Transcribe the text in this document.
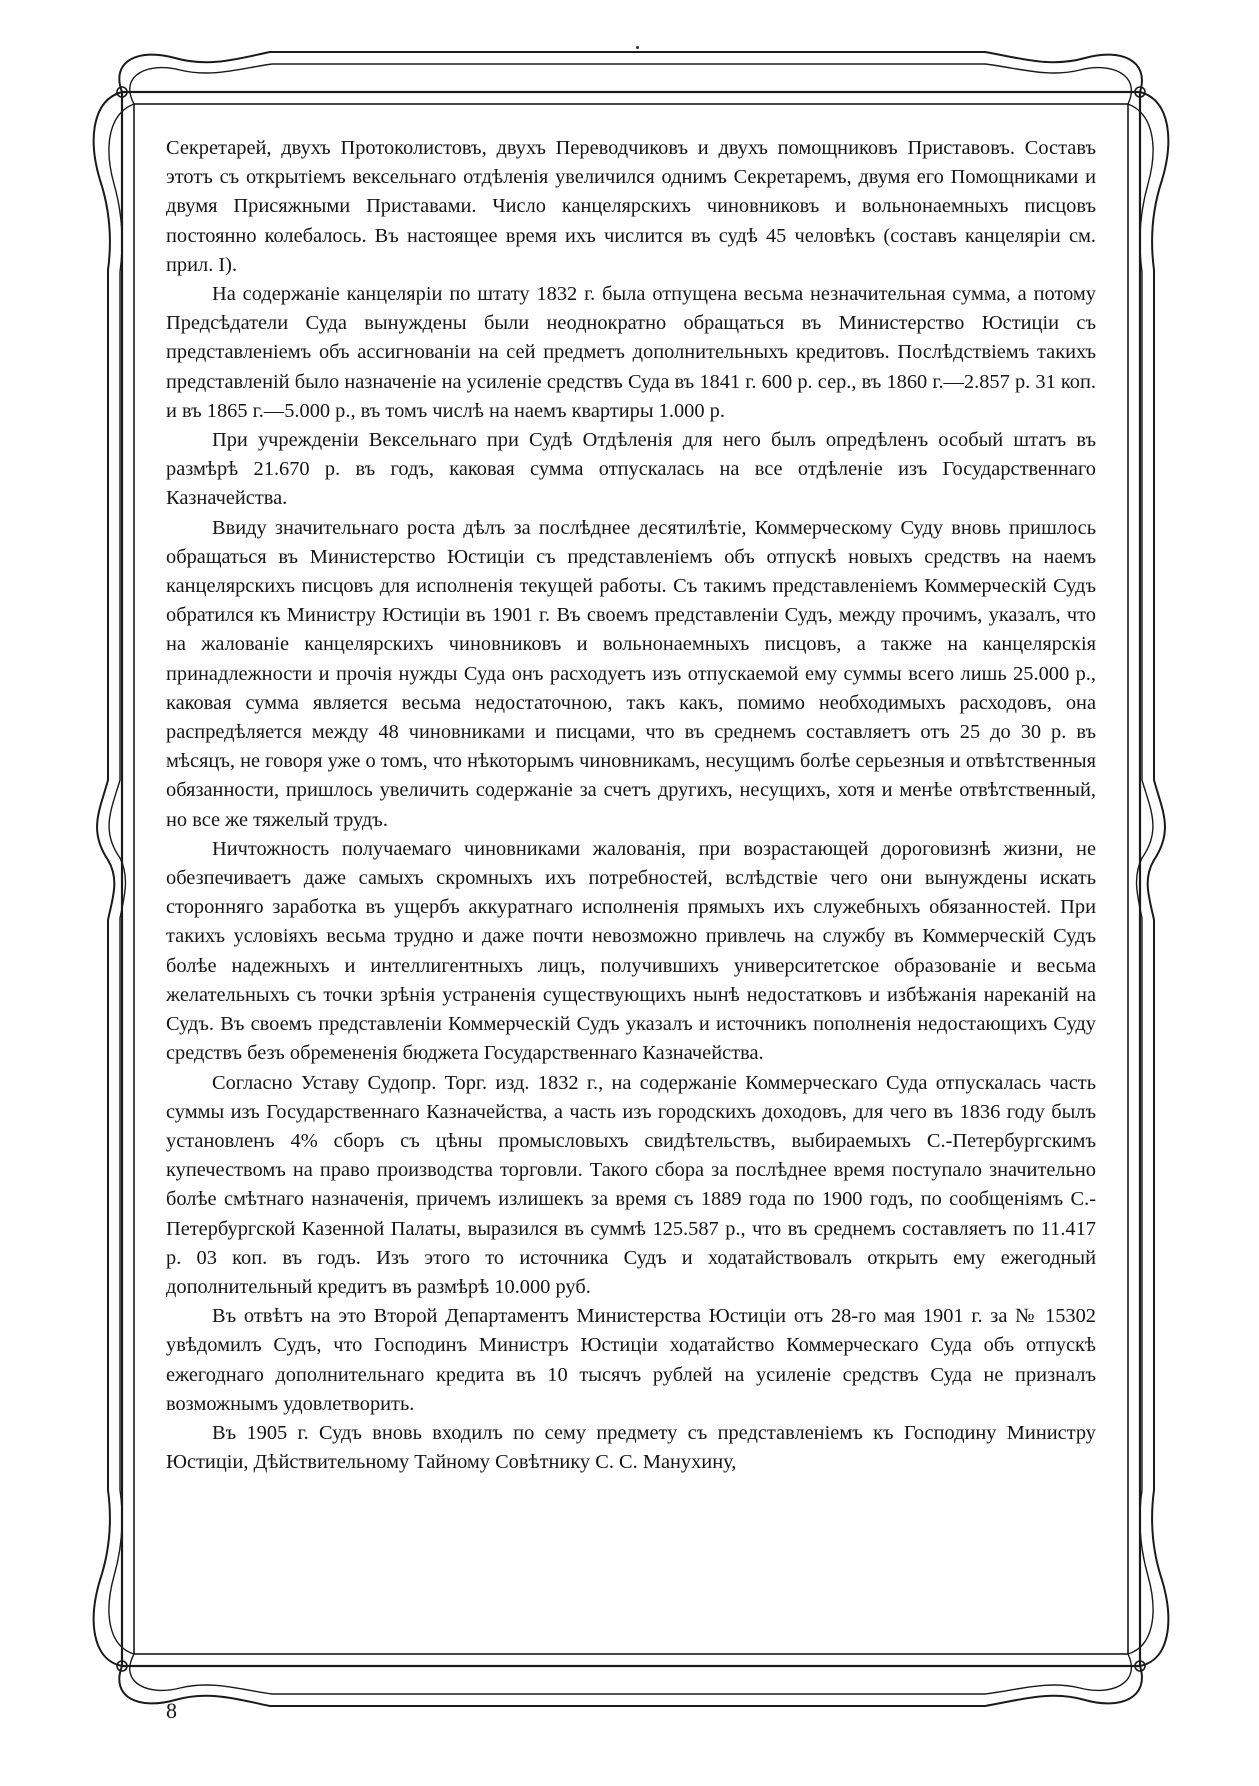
Секретарей, двухъ Протоколистовъ, двухъ Переводчиковъ и двухъ помощниковъ Приставовъ. Составъ этотъ съ открытіемъ вексельнаго отдѣленія увеличился однимъ Секретаремъ, двумя его Помощниками и двумя Присяжными Приставами. Число канцелярскихъ чиновниковъ и вольнонаемныхъ писцовъ постоянно колебалось. Въ настоящее время ихъ числится въ судѣ 45 человѣкъ (составъ канцеляріи см. прил. I).

На содержаніе канцеляріи по штату 1832 г. была отпущена весьма незначительная сумма, а потому Предсѣдатели Суда вынуждены были неоднократно обращаться въ Министерство Юстиціи съ представленіемъ объ ассигнованіи на сей предметъ дополнительныхъ кредитовъ. Послѣдствіемъ такихъ представленій было назначеніе на усиленіе средствъ Суда въ 1841 г. 600 р. сер., въ 1860 г.—2.857 р. 31 коп. и въ 1865 г.—5.000 р., въ томъ числѣ на наемъ квартиры 1.000 р.

При учрежденіи Вексельнаго при Судѣ Отдѣленія для него былъ опредѣленъ особый штатъ въ размѣрѣ 21.670 р. въ годъ, каковая сумма отпускалась на все отдѣленіе изъ Государственнаго Казначейства.

Ввиду значительнаго роста дѣлъ за послѣднее десятилѣтіе, Коммерческому Суду вновь пришлось обращаться въ Министерство Юстиціи съ представленіемъ объ отпускѣ новыхъ средствъ на наемъ канцелярскихъ писцовъ для исполненія текущей работы. Съ такимъ представленіемъ Коммерческій Судъ обратился къ Министру Юстиціи въ 1901 г. Въ своемъ представленіи Судъ, между прочимъ, указалъ, что на жалованіе канцелярскихъ чиновниковъ и вольнонаемныхъ писцовъ, а также на канцелярскія принадлежности и прочія нужды Суда онъ расходуетъ изъ отпускаемой ему суммы всего лишь 25.000 р., каковая сумма является весьма недостаточною, такъ какъ, помимо необходимыхъ расходовъ, она распредѣляется между 48 чиновниками и писцами, что въ среднемъ составляетъ отъ 25 до 30 р. въ мѣсяцъ, не говоря уже о томъ, что нѣкоторымъ чиновникамъ, несущимъ болѣе серьезныя и отвѣтственныя обязанности, пришлось увеличить содержаніе за счетъ другихъ, несущихъ, хотя и менѣе отвѣтственный, но все же тяжелый трудъ.

Ничтожность получаемаго чиновниками жалованія, при возрастающей дороговизнѣ жизни, не обезпечиваетъ даже самыхъ скромныхъ ихъ потребностей, вслѣдствіе чего они вынуждены искать сторонняго заработка въ ущербъ аккуратнаго исполненія прямыхъ ихъ служебныхъ обязанностей. При такихъ условіяхъ весьма трудно и даже почти невозможно привлечь на службу въ Коммерческій Судъ болѣе надежныхъ и интеллигентныхъ лицъ, получившихъ университетское образованіе и весьма желательныхъ съ точки зрѣнія устраненія существующихъ нынѣ недостатковъ и избѣжанія нареканій на Судъ. Въ своемъ представленіи Коммерческій Судъ указалъ и источникъ пополненія недостающихъ Суду средствъ безъ обремененія бюджета Государственнаго Казначейства.

Согласно Уставу Судопр. Торг. изд. 1832 г., на содержаніе Коммерческаго Суда отпускалась часть суммы изъ Государственнаго Казначейства, а часть изъ городскихъ доходовъ, для чего въ 1836 году былъ установленъ 4% сборъ съ цѣны промысловыхъ свидѣтельствъ, выбираемыхъ С.-Петербургскимъ купечествомъ на право производства торговли. Такого сбора за послѣднее время поступало значительно болѣе смѣтнаго назначенія, причемъ излишекъ за время съ 1889 года по 1900 годъ, по сообщеніямъ С.-Петербургской Казенной Палаты, выразился въ суммѣ 125.587 р., что въ среднемъ составляетъ по 11.417 р. 03 коп. въ годъ. Изъ этого то источника Судъ и ходатайствовалъ открыть ему ежегодный дополнительный кредитъ въ размѣрѣ 10.000 руб.

Въ отвѣтъ на это Второй Департаментъ Министерства Юстиціи отъ 28-го мая 1901 г. за № 15302 увѣдомилъ Судъ, что Господинъ Министръ Юстиціи ходатайство Коммерческаго Суда объ отпускѣ ежегоднаго дополнительнаго кредита въ 10 тысячъ рублей на усиленіе средствъ Суда не призналъ возможнымъ удовлетворить.

Въ 1905 г. Судъ вновь входилъ по сему предмету съ представленіемъ къ Господину Министру Юстиціи, Дѣйствительному Тайному Совѣтнику С. С. Манухину,

8
